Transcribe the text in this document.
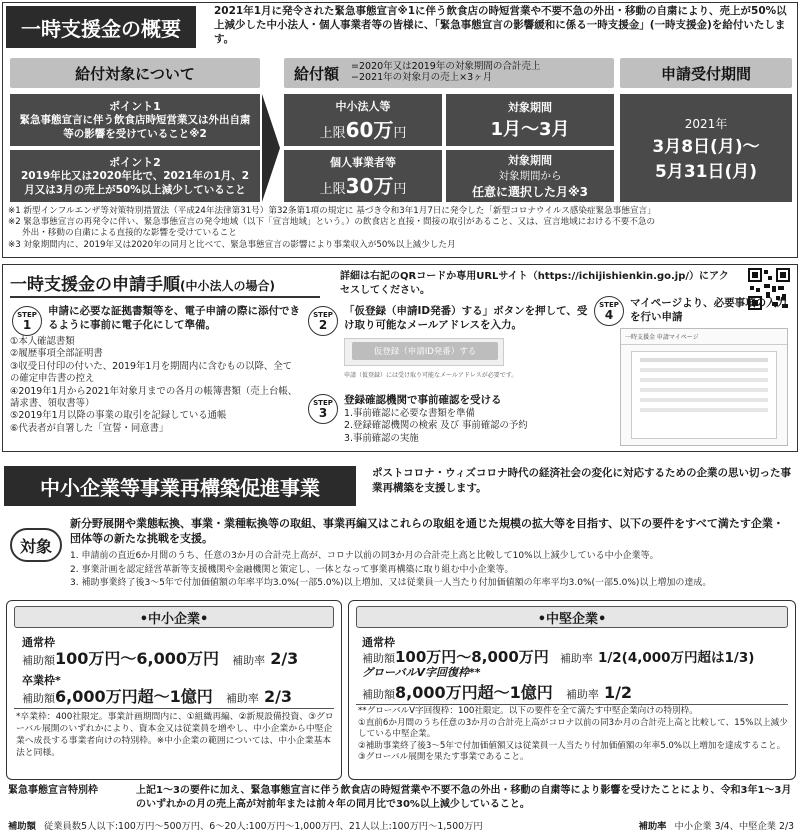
一時支援金の概要
2021年1月に発令された緊急事態宣言※1に伴う飲食店の時短営業や不要不急の外出・移動の自粛により、売上が50%以上減少した中小法人・個人事業者等の皆様に、「緊急事態宣言の影響緩和に係る一時支援金」(一時支援金)を給付いたします。
給付対象について
ポイント1
緊急事態宣言に伴う飲食店時短営業又は外出自粛等の影響を受けていること※2
ポイント2
2019年比又は2020年比で、2021年の1月、2月又は3月の売上が50%以上減少していること
給付額 =2020年又は2019年の対象期間の合計売上−2021年の対象月の売上×3ヶ月
中小法人等
上限60万円
対象期間
1月〜3月
個人事業者等
上限30万円
対象期間
対象期間から
任意に選択した月※3
申請受付期間
2021年
3月8日(月)〜
5月31日(月)
※1 新型インフルエンザ等対策特別措置法（平成24年法律第31号）第32条第1項の規定に 基づき令和3年1月7日に発令した「新型コロナウイルス感染症緊急事態宣言」
※2 緊急事態宣言の再発令に伴い、緊急事態宣言の発令地域（以下「宣言地域」という。）の飲食店と直接・間接の取引があること、又は、宣言地域における不要不急の
外出・移動の自粛による直接的な影響を受けていること
※3 対象期間内に、2019年又は2020年の同月と比べて、緊急事態宣言の影響により事業収入が50%以上減少した月
一時支援金の申請手順(中小法人の場合)
詳細は右記のQRコードか専用URLサイト（https://ichijishienkin.go.jp/）にアクセスしてください。
STEP
1
申請に必要な証拠書類等を、電子申請の際に添付できるように事前に電子化にして準備。
①本人確認書類
②履歴事項全部証明書
③収受日付印の付いた、2019年1月を期間内に含むもの以降、全ての確定申告書の控え
④2019年1月から2021年対象月までの各月の帳簿書類（売上台帳、請求書、領収書等）
⑤2019年1月以降の事業の取引を記録している通帳
⑥代表者が自署した「宣誓・同意書」
STEP
2
「仮登録（申請ID発番）する」ボタンを押して、受け取り可能なメールアドレスを入力。
仮登録（申請ID発番）する
申請（仮登録）には受け取り可能なメールアドレスが必要です。
STEP
3
登録確認機関で事前確認を受ける
1.事前確認に必要な書類を準備
2.登録確認機関の検索 及び 事前確認の予約
3.事前確認の実施
STEP
4
マイページより、必要事項の入力を行い申請
一時支援金 申請マイページ
中小企業等事業再構築促進事業
ポストコロナ・ウィズコロナ時代の経済社会の変化に対応するための企業の思い切った事業再構築を支援します。
対象
新分野展開や業態転換、事業・業種転換等の取組、事業再編又はこれらの取組を通じた規模の拡大等を目指す、以下の要件をすべて満たす企業・団体等の新たな挑戦を支援。
1. 申請前の直近6か月間のうち、任意の3か月の合計売上高が、コロナ以前の同3か月の合計売上高と比較して10%以上減少している中小企業等。
2. 事業計画を認定経営革新等支援機関や金融機関と策定し、一体となって事業再構築に取り組む中小企業等。
3. 補助事業終了後3～5年で付加価値額の年率平均3.0%(一部5.0%)以上増加、又は従業員一人当たり付加価値額の年率平均3.0%(一部5.0%)以上増加の達成。
•中小企業•
通常枠
補助額100万円〜6,000万円 補助率 2/3
卒業枠*
補助額6,000万円超〜1億円 補助率 2/3
*卒業枠：400社限定。事業計画期間内に、①組織再編、②新規設備投資、③グローバル展開のいずれかにより、資本金又は従業員を増やし、中小企業から中堅企業へ成長する事業者向けの特別枠。※中小企業の範囲については、中小企業基本法と同様。
•中堅企業•
通常枠
補助額100万円〜8,000万円 補助率 1/2(4,000万円超は1/3)
グローバルV字回復枠**
補助額8,000万円超〜1億円 補助率 1/2
**グローバルV字回復枠：100社限定。以下の要件を全て満たす中堅企業向けの特別枠。
①直前6か月間のうち任意の3か月の合計売上高がコロナ以前の同3か月の合計売上高と比較して、15%以上減少している中堅企業。
②補助事業終了後3～5年で付加価値額又は従業員一人当たり付加価値額の年率5.0%以上増加を達成すること。
③グローバル展開を果たす事業であること。
緊急事態宣言特別枠	上記1〜3の要件に加え、緊急事態宣言に伴う飲食店の時短営業や不要不急の外出・移動の自粛等により影響を受けたことにより、令和3年1〜3月のいずれかの月の売上高が対前年または前々年の同月比で30%以上減少していること。
補助額 従業員数5人以下:100万円〜500万円、6〜20人:100万円〜1,000万円、21人以上:100万円〜1,500万円	補助率 中小企業 3/4、中堅企業 2/3
